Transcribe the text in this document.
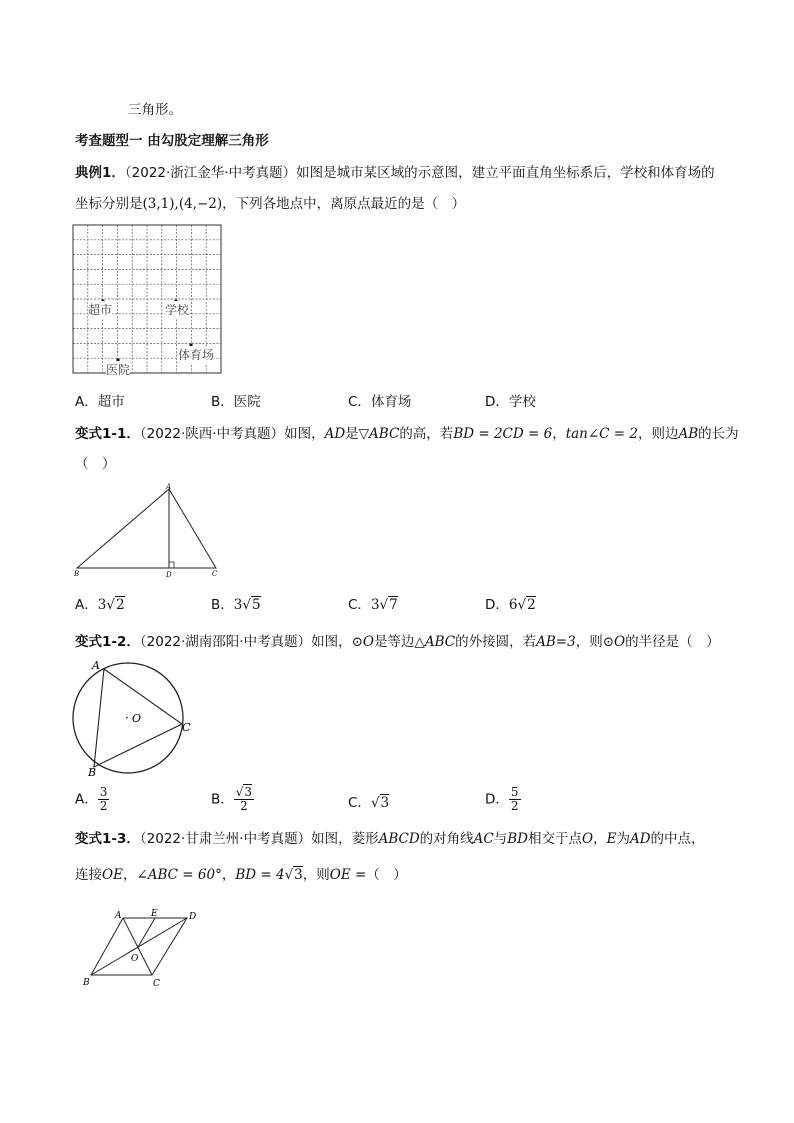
三角形。
考查题型一 由勾股定理解三角形
典例1．（2022·浙江金华·中考真题）如图是城市某区域的示意图，建立平面直角坐标系后，学校和体育场的
坐标分别是(3,1),(4,−2)，下列各地点中，离原点最近的是（　）
超市	学校
体育场
医院
A．超市	B．医院	C．体育场	D．学校
变式1-1．（2022·陕西·中考真题）如图，AD是▽ABC的高，若BD = 2CD = 6，tan∠C = 2，则边AB的长为
（　）
A
B	D	C
A．3√2	B．3√5	C．3√7	D．6√2
变式1-2．（2022·湖南邵阳·中考真题）如图，⊙O是等边△ABC的外接圆，若AB=3，则⊙O的半径是（　）
A
C
B
· O
A． $\frac{3}{2}$	B． $\frac{√3}{2}$	C．√3	D． $\frac{5}{2}$
变式1-3．（2022·甘肃兰州·中考真题）如图，菱形ABCD的对角线AC与BD相交于点O，E为AD的中点，
连接OE，∠ABC = 60°，BD = 4√3，则OE =（　）
A	E	D
O
B	C
